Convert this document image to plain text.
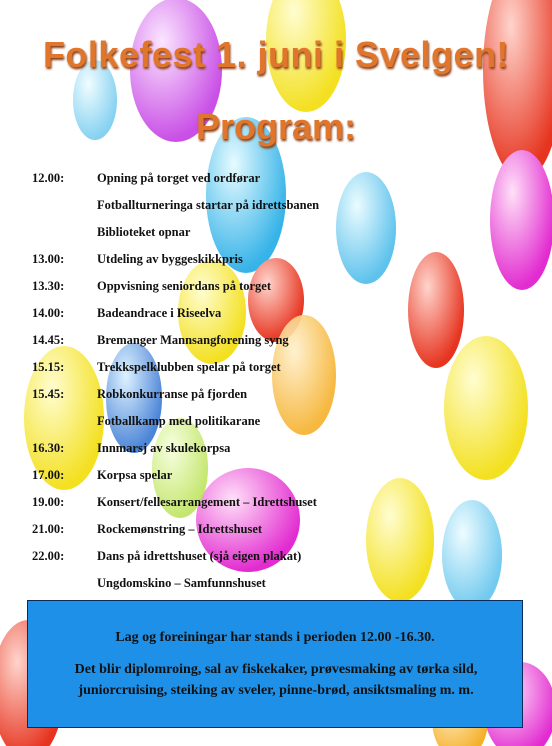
Folkefest 1. juni i Svelgen!
Program:
12.00:	Opning på torget ved ordførar
Fotballturneringa startar på idrettsbanen
Biblioteket opnar
13.00:	Utdeling av byggeskikkpris
13.30:	Oppvisning seniordans på torget
14.00:	Badeandrace i Riseelva
14.45:	Bremanger Mannsangforening syng
15.15:	Trekkspelklubben spelar på torget
15.45:	Robkonkurranse på fjorden
Fotballkamp med politikarane
16.30:	Innmarsj av skulekorpsa
17.00:	Korpsa spelar
19.00:	Konsert/fellesarrangement – Idrettshuset
21.00:	Rockemønstring – Idrettshuset
22.00:	Dans på idrettshuset (sjå eigen plakat)
Ungdomskino – Samfunnshuset
Lag og foreiningar har stands i perioden 12.00 -16.30.
Det blir diplomroing, sal av fiskekaker, prøvesmaking av tørka sild, juniorcruising, steiking av sveler, pinne-brød, ansiktsmaling m. m.
